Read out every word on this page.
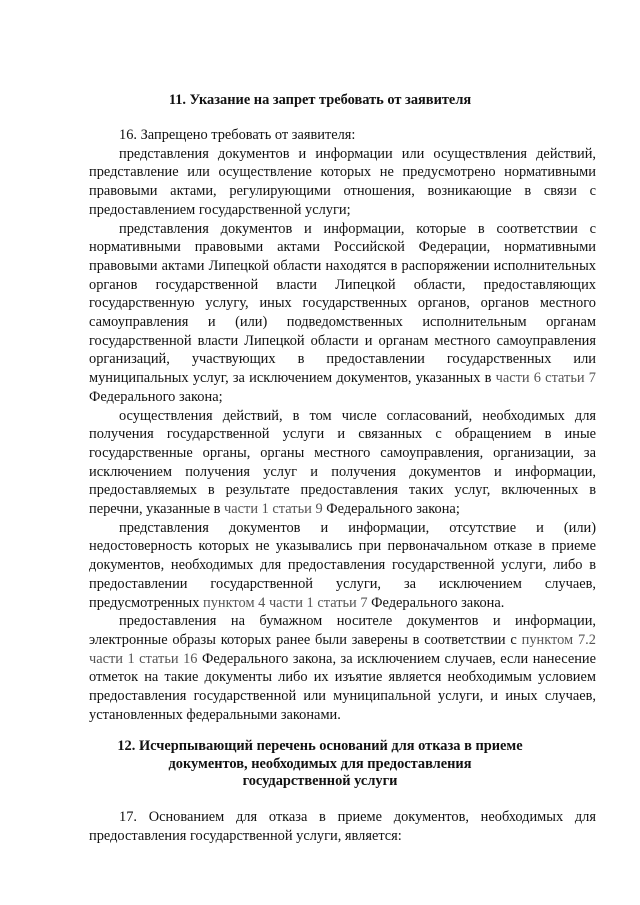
11. Указание на запрет требовать от заявителя

16. Запрещено требовать от заявителя:

представления документов и информации или осуществления действий, представление или осуществление которых не предусмотрено нормативными правовыми актами, регулирующими отношения, возникающие в связи с предоставлением государственной услуги;

представления документов и информации, которые в соответствии с нормативными правовыми актами Российской Федерации, нормативными правовыми актами Липецкой области находятся в распоряжении исполнительных органов государственной власти Липецкой области, предоставляющих государственную услугу, иных государственных органов, органов местного самоуправления и (или) подведомственных исполнительным органам государственной власти Липецкой области и органам местного самоуправления организаций, участвующих в предоставлении государственных или муниципальных услуг, за исключением документов, указанных в части 6 статьи 7 Федерального закона;

осуществления действий, в том числе согласований, необходимых для получения государственной услуги и связанных с обращением в иные государственные органы, органы местного самоуправления, организации, за исключением получения услуг и получения документов и информации, предоставляемых в результате предоставления таких услуг, включенных в перечни, указанные в части 1 статьи 9 Федерального закона;

представления документов и информации, отсутствие и (или) недостоверность которых не указывались при первоначальном отказе в приеме документов, необходимых для предоставления государственной услуги, либо в предоставлении государственной услуги, за исключением случаев, предусмотренных пунктом 4 части 1 статьи 7 Федерального закона.

предоставления на бумажном носителе документов и информации, электронные образы которых ранее были заверены в соответствии с пунктом 7.2 части 1 статьи 16 Федерального закона, за исключением случаев, если нанесение отметок на такие документы либо их изъятие является необходимым условием предоставления государственной или муниципальной услуги, и иных случаев, установленных федеральными законами.

12. Исчерпывающий перечень оснований для отказа в приеме
документов, необходимых для предоставления
государственной услуги

17. Основанием для отказа в приеме документов, необходимых для предоставления государственной услуги, является:
